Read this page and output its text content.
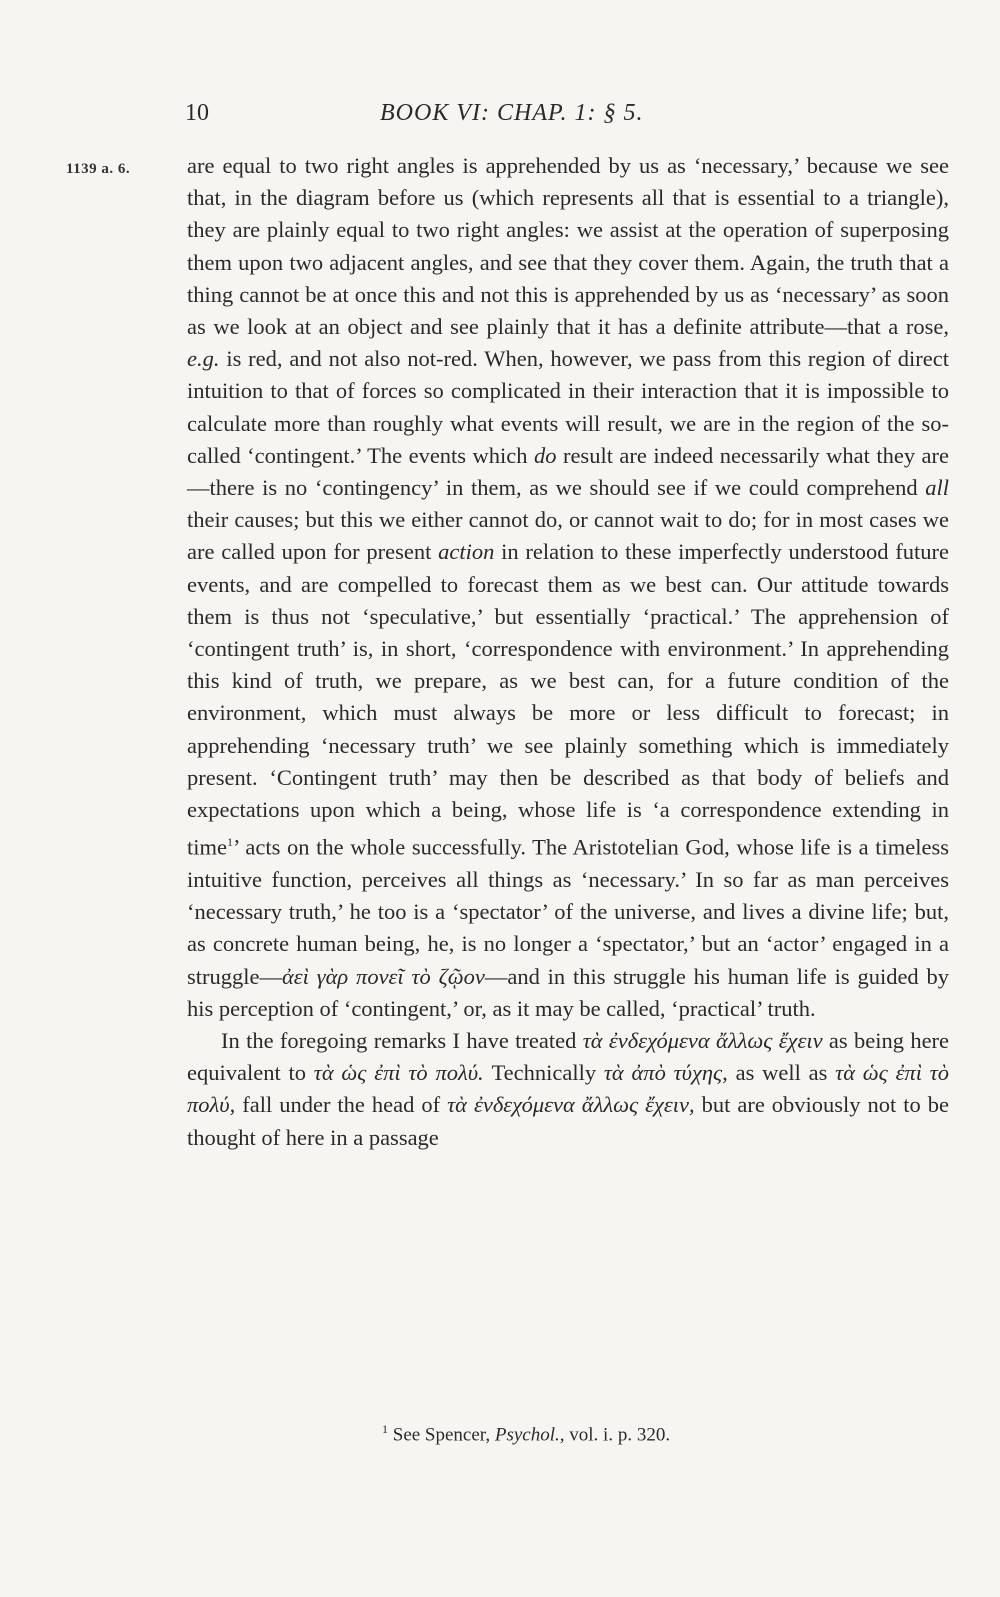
10	BOOK VI: CHAP. 1: § 5.
1139 a. 6.	are equal to two right angles is apprehended by us as ‘necessary,’ because we see that, in the diagram before us (which represents all that is essential to a triangle), they are plainly equal to two right angles: we assist at the operation of superposing them upon two adjacent angles, and see that they cover them. Again, the truth that a thing cannot be at once this and not this is apprehended by us as ‘necessary’ as soon as we look at an object and see plainly that it has a definite attribute—that a rose, e.g. is red, and not also not-red. When, however, we pass from this region of direct intuition to that of forces so complicated in their interaction that it is impossible to calculate more than roughly what events will result, we are in the region of the so-called ‘contingent.’ The events which do result are indeed necessarily what they are—there is no ‘contingency’ in them, as we should see if we could comprehend all their causes; but this we either cannot do, or cannot wait to do; for in most cases we are called upon for present action in relation to these imperfectly understood future events, and are compelled to forecast them as we best can. Our attitude towards them is thus not ‘speculative,’ but essentially ‘practical.’ The apprehension of ‘contingent truth’ is, in short, ‘correspondence with environment.’ In apprehending this kind of truth, we prepare, as we best can, for a future condition of the environment, which must always be more or less difficult to forecast; in apprehending ‘necessary truth’ we see plainly something which is immediately present. ‘Contingent truth’ may then be described as that body of beliefs and expectations upon which a being, whose life is ‘a correspondence extending in time$^1$’ acts on the whole successfully. The Aristotelian God, whose life is a timeless intuitive function, perceives all things as ‘necessary.’ In so far as man perceives ‘necessary truth,’ he too is a ‘spectator’ of the universe, and lives a divine life; but, as concrete human being, he, is no longer a ‘spectator,’ but an ‘actor’ engaged in a struggle—ἀεὶ γὰρ πονεῖ τὸ ζῷον—and in this struggle his human life is guided by his perception of ‘contingent,’ or, as it may be called, ‘practical’ truth.

In the foregoing remarks I have treated τὰ ἐνδεχόμενα ἄλλως ἔχειν as being here equivalent to τὰ ὡς ἐπὶ τὸ πολύ. Technically τὰ ἀπὸ τύχης, as well as τὰ ὡς ἐπὶ τὸ πολύ, fall under the head of τὰ ἐνδεχόμενα ἄλλως ἔχειν, but are obviously not to be thought of here in a passage

$^1$ See Spencer, Psychol., vol. i. p. 320.
